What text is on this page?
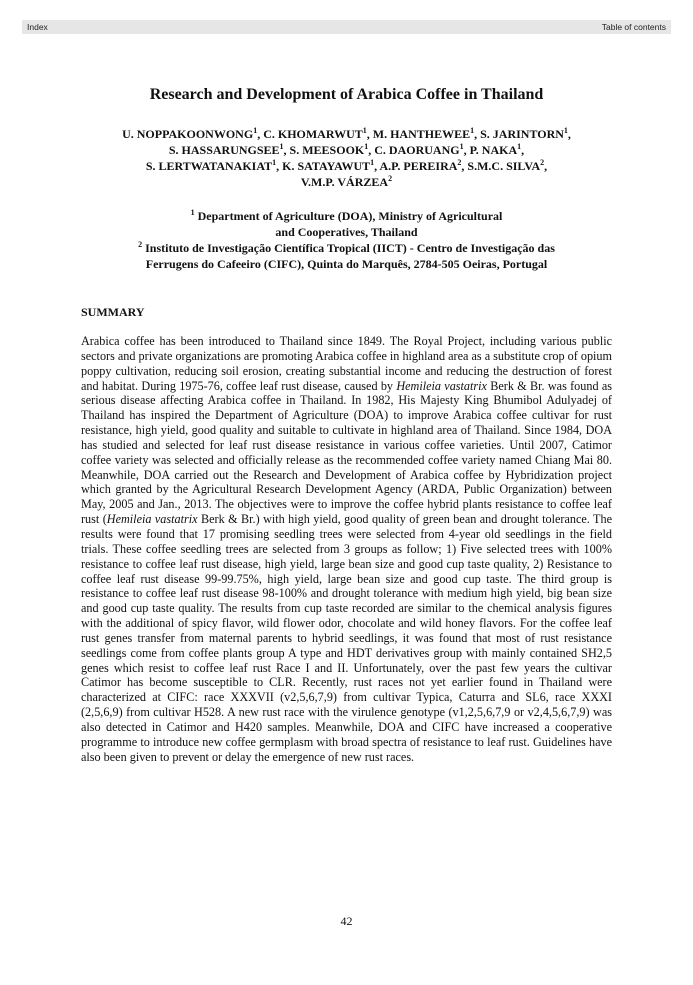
Index	Table of contents
Research and Development of Arabica Coffee in Thailand
U. NOPPAKOONWONG$^1$, C. KHOMARWUT$^1$, M. HANTHEWEE$^1$, S. JARINTORN$^1$,
S. HASSARUNGSEE$^1$, S. MEESOOK$^1$, C. DAORUANG$^1$, P. NAKA$^1$,
S. LERTWATANAKIAT$^1$, K. SATAYAWUT$^1$, A.P. PEREIRA$^2$, S.M.C. SILVA$^2$,
V.M.P. VÁRZEA$^2$
$^1$ Department of Agriculture (DOA), Ministry of Agricultural
and Cooperatives, Thailand
$^2$ Instituto de Investigação Científica Tropical (IICT) - Centro de Investigação das
Ferrugens do Cafeeiro (CIFC), Quinta do Marquês, 2784-505 Oeiras, Portugal
SUMMARY
Arabica coffee has been introduced to Thailand since 1849. The Royal Project, including various public sectors and private organizations are promoting Arabica coffee in highland area as a substitute crop of opium poppy cultivation, reducing soil erosion, creating substantial income and reducing the destruction of forest and habitat. During 1975-76, coffee leaf rust disease, caused by Hemileia vastatrix Berk & Br. was found as serious disease affecting Arabica coffee in Thailand. In 1982, His Majesty King Bhumibol Adulyadej of Thailand has inspired the Department of Agriculture (DOA) to improve Arabica coffee cultivar for rust resistance, high yield, good quality and suitable to cultivate in highland area of Thailand. Since 1984, DOA has studied and selected for leaf rust disease resistance in various coffee varieties. Until 2007, Catimor coffee variety was selected and officially release as the recommended coffee variety named Chiang Mai 80. Meanwhile, DOA carried out the Research and Development of Arabica coffee by Hybridization project which granted by the Agricultural Research Development Agency (ARDA, Public Organization) between May, 2005 and Jan., 2013. The objectives were to improve the coffee hybrid plants resistance to coffee leaf rust (Hemileia vastatrix Berk & Br.) with high yield, good quality of green bean and drought tolerance. The results were found that 17 promising seedling trees were selected from 4-year old seedlings in the field trials. These coffee seedling trees are selected from 3 groups as follow; 1) Five selected trees with 100% resistance to coffee leaf rust disease, high yield, large bean size and good cup taste quality, 2) Resistance to coffee leaf rust disease 99-99.75%, high yield, large bean size and good cup taste. The third group is resistance to coffee leaf rust disease 98-100% and drought tolerance with medium high yield, big bean size and good cup taste quality. The results from cup taste recorded are similar to the chemical analysis figures with the additional of spicy flavor, wild flower odor, chocolate and wild honey flavors. For the coffee leaf rust genes transfer from maternal parents to hybrid seedlings, it was found that most of rust resistance seedlings come from coffee plants group A type and HDT derivatives group with mainly contained SH2,5 genes which resist to coffee leaf rust Race I and II. Unfortunately, over the past few years the cultivar Catimor has become susceptible to CLR. Recently, rust races not yet earlier found in Thailand were characterized at CIFC: race XXXVII (v2,5,6,7,9) from cultivar Typica, Caturra and SL6, race XXXI (2,5,6,9) from cultivar H528. A new rust race with the virulence genotype (v1,2,5,6,7,9 or v2,4,5,6,7,9) was also detected in Catimor and H420 samples. Meanwhile, DOA and CIFC have increased a cooperative programme to introduce new coffee germplasm with broad spectra of resistance to leaf rust. Guidelines have also been given to prevent or delay the emergence of new rust races.
42
